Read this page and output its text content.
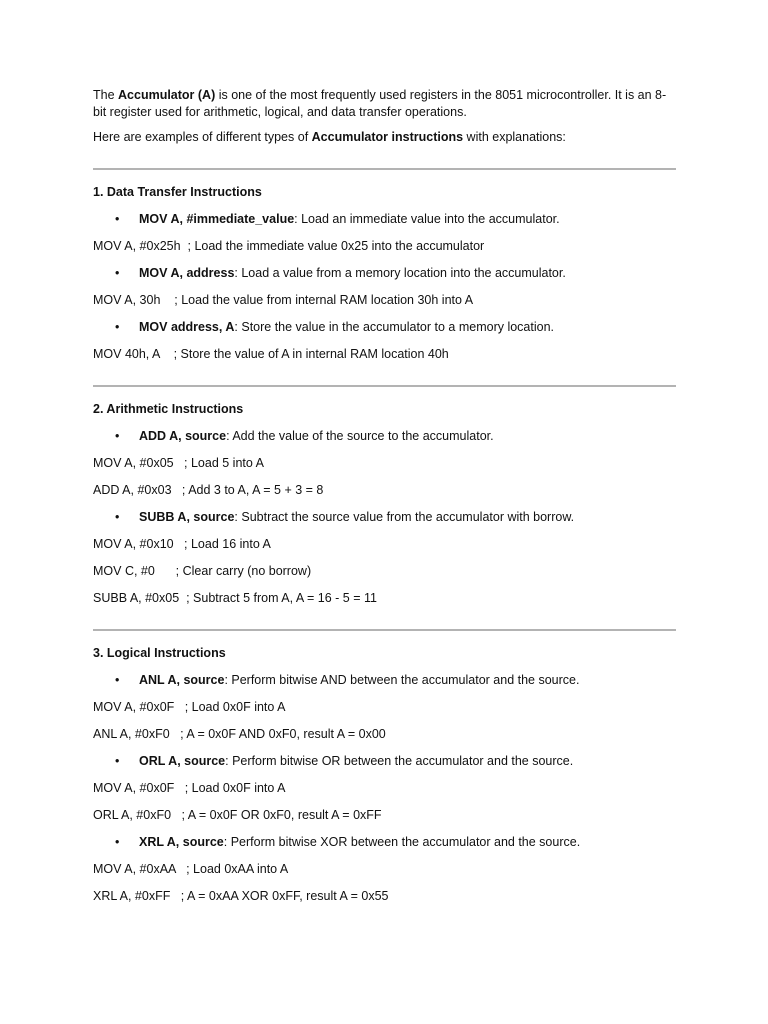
The Accumulator (A) is one of the most frequently used registers in the 8051 microcontroller. It is an 8-bit register used for arithmetic, logical, and data transfer operations.

Here are examples of different types of Accumulator instructions with explanations:

1. Data Transfer Instructions

• MOV A, #immediate_value: Load an immediate value into the accumulator.

MOV A, #0x25h  ; Load the immediate value 0x25 into the accumulator

• MOV A, address: Load a value from a memory location into the accumulator.

MOV A, 30h    ; Load the value from internal RAM location 30h into A

• MOV address, A: Store the value in the accumulator to a memory location.

MOV 40h, A    ; Store the value of A in internal RAM location 40h

2. Arithmetic Instructions

• ADD A, source: Add the value of the source to the accumulator.

MOV A, #0x05   ; Load 5 into A

ADD A, #0x03   ; Add 3 to A, A = 5 + 3 = 8

• SUBB A, source: Subtract the source value from the accumulator with borrow.

MOV A, #0x10   ; Load 16 into A

MOV C, #0      ; Clear carry (no borrow)

SUBB A, #0x05  ; Subtract 5 from A, A = 16 - 5 = 11

3. Logical Instructions

• ANL A, source: Perform bitwise AND between the accumulator and the source.

MOV A, #0x0F   ; Load 0x0F into A

ANL A, #0xF0   ; A = 0x0F AND 0xF0, result A = 0x00

• ORL A, source: Perform bitwise OR between the accumulator and the source.

MOV A, #0x0F   ; Load 0x0F into A

ORL A, #0xF0   ; A = 0x0F OR 0xF0, result A = 0xFF

• XRL A, source: Perform bitwise XOR between the accumulator and the source.

MOV A, #0xAA   ; Load 0xAA into A

XRL A, #0xFF   ; A = 0xAA XOR 0xFF, result A = 0x55
